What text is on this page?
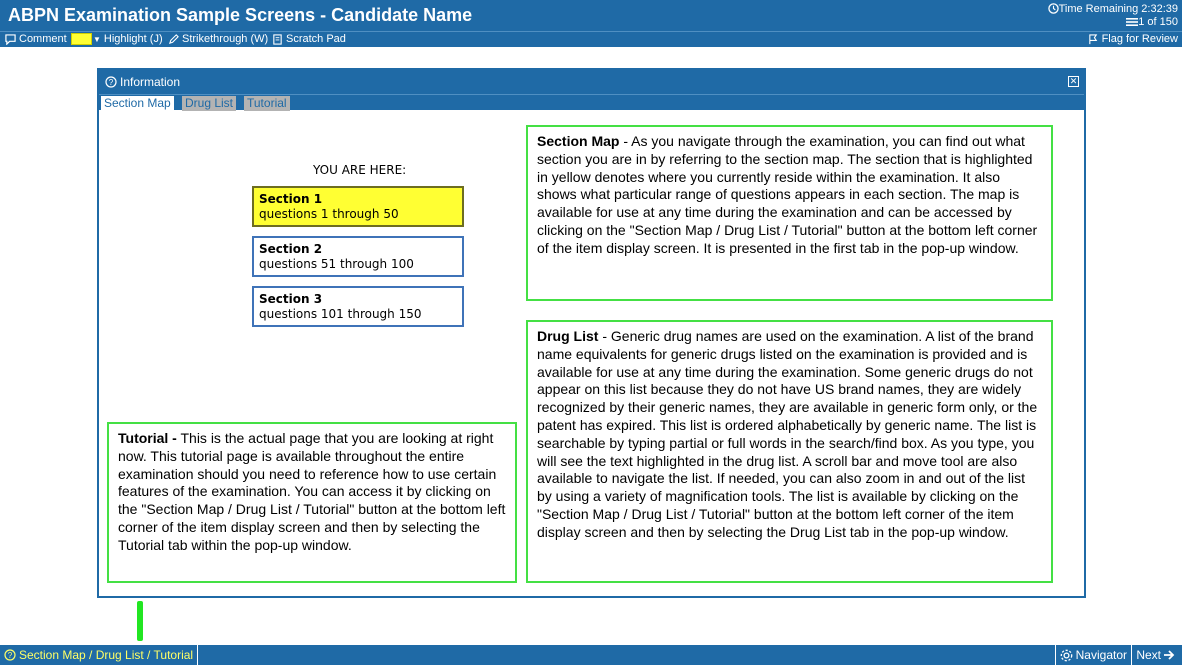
ABPN Examination Sample Screens - Candidate Name	Time Remaining 2:32:39
1 of 150
Comment	▼ Highlight (J) Strikethrough (W) Scratch Pad	Flag for Review
? Information	✕
Section Map Drug List Tutorial
YOU ARE HERE:
Section 1
questions 1 through 50
Section 2
questions 51 through 100
Section 3
questions 101 through 150
Section Map - As you navigate through the examination, you can find out what section you are in by referring to the section map. The section that is highlighted in yellow denotes where you currently reside within the examination. It also shows what particular range of questions appears in each section. The map is available for use at any time during the examination and can be accessed by clicking on the "Section Map / Drug List / Tutorial" button at the bottom left corner of the item display screen. It is presented in the first tab in the pop-up window.
Drug List - Generic drug names are used on the examination. A list of the brand name equivalents for generic drugs listed on the examination is provided and is available for use at any time during the examination. Some generic drugs do not appear on this list because they do not have US brand names, they are widely recognized by their generic names, they are available in generic form only, or the patent has expired. This list is ordered alphabetically by generic name. The list is searchable by typing partial or full words in the search/find box. As you type, you will see the text highlighted in the drug list. A scroll bar and move tool are also available to navigate the list. If needed, you can also zoom in and out of the list by using a variety of magnification tools. The list is available by clicking on the "Section Map / Drug List / Tutorial" button at the bottom left corner of the item display screen and then by selecting the Drug List tab in the pop-up window.
Tutorial - This is the actual page that you are looking at right now. This tutorial page is available throughout the entire examination should you need to reference how to use certain features of the examination. You can access it by clicking on the "Section Map / Drug List / Tutorial" button at the bottom left corner of the item display screen and then by selecting the Tutorial tab within the pop-up window.
? Section Map / Drug List / Tutorial	Navigator Next
